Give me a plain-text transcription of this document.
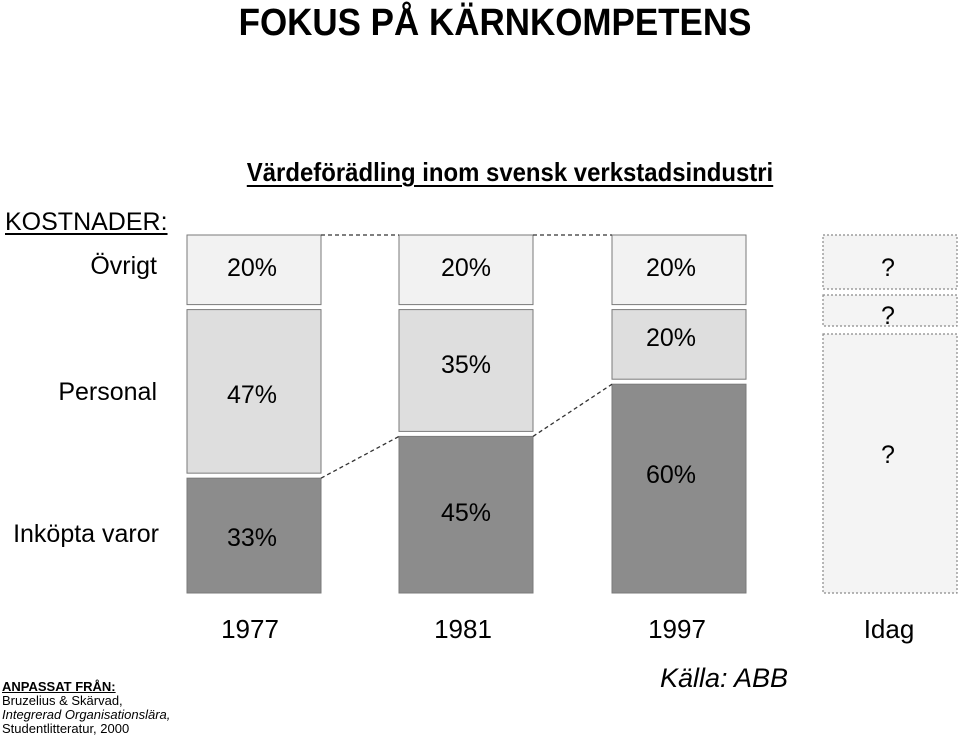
FOKUS PÅ KÄRNKOMPETENS
Värdeförädling inom svensk verkstadsindustri
KOSTNADER:
Övrigt
Personal
Inköpta varor	33%
47%
20%
45%
35%
20%
60%
20%
20%
?
?
?
1977	1981	1997	Idag
Källa: ABB
ANPASSAT FRÅN:
Bruzelius & Skärvad,
Integrerad Organisationslära,
Studentlitteratur, 2000
